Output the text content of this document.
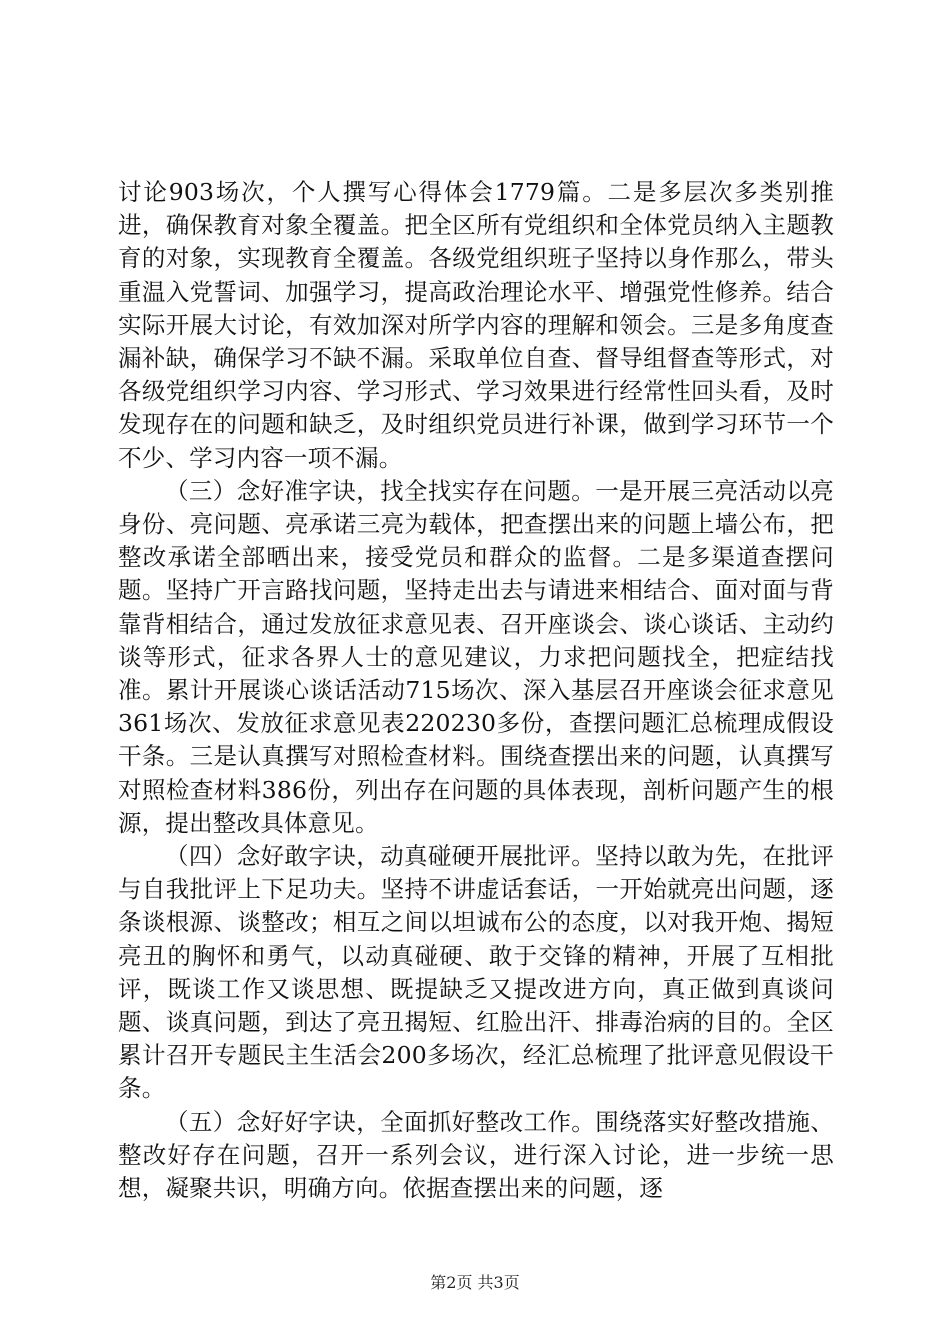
讨论903场次，个人撰写心得体会1779篇。二是多层次多类别推进，确保教育对象全覆盖。把全区所有党组织和全体党员纳入主题教育的对象，实现教育全覆盖。各级党组织班子坚持以身作那么，带头重温入党誓词、加强学习，提高政治理论水平、增强党性修养。结合实际开展大讨论，有效加深对所学内容的理解和领会。三是多角度查漏补缺，确保学习不缺不漏。采取单位自查、督导组督查等形式，对各级党组织学习内容、学习形式、学习效果进行经常性回头看，及时发现存在的问题和缺乏，及时组织党员进行补课，做到学习环节一个不少、学习内容一项不漏。

（三）念好准字诀，找全找实存在问题。一是开展三亮活动以亮身份、亮问题、亮承诺三亮为载体，把查摆出来的问题上墙公布，把整改承诺全部晒出来，接受党员和群众的监督。二是多渠道查摆问题。坚持广开言路找问题，坚持走出去与请进来相结合、面对面与背靠背相结合，通过发放征求意见表、召开座谈会、谈心谈话、主动约谈等形式，征求各界人士的意见建议，力求把问题找全，把症结找准。累计开展谈心谈话活动715场次、深入基层召开座谈会征求意见361场次、发放征求意见表220230多份，查摆问题汇总梳理成假设干条。三是认真撰写对照检查材料。围绕查摆出来的问题，认真撰写对照检查材料386份，列出存在问题的具体表现，剖析问题产生的根源，提出整改具体意见。

（四）念好敢字诀，动真碰硬开展批评。坚持以敢为先，在批评与自我批评上下足功夫。坚持不讲虚话套话，一开始就亮出问题，逐条谈根源、谈整改；相互之间以坦诚布公的态度，以对我开炮、揭短亮丑的胸怀和勇气，以动真碰硬、敢于交锋的精神，开展了互相批评，既谈工作又谈思想、既提缺乏又提改进方向，真正做到真谈问题、谈真问题，到达了亮丑揭短、红脸出汗、排毒治病的目的。全区累计召开专题民主生活会200多场次，经汇总梳理了批评意见假设干条。

（五）念好好字诀，全面抓好整改工作。围绕落实好整改措施、整改好存在问题，召开一系列会议，进行深入讨论，进一步统一思想，凝聚共识，明确方向。依据查摆出来的问题，逐

第2页 共3页
